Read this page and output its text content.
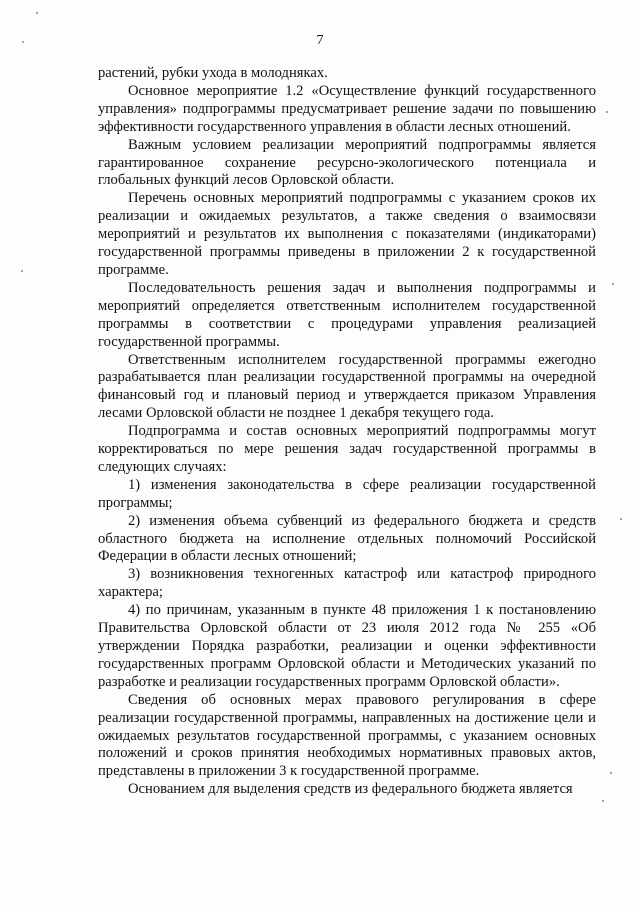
7

растений, рубки ухода в молодняках.

Основное мероприятие 1.2 «Осуществление функций государственного управления» подпрограммы предусматривает решение задачи по повышению эффективности государственного управления в области лесных отношений.

Важным условием реализации мероприятий подпрограммы является гарантированное сохранение ресурсно-экологического потенциала и глобальных функций лесов Орловской области.

Перечень основных мероприятий подпрограммы с указанием сроков их реализации и ожидаемых результатов, а также сведения о взаимосвязи мероприятий и результатов их выполнения с показателями (индикаторами) государственной программы приведены в приложении 2 к государственной программе.

Последовательность решения задач и выполнения подпрограммы и мероприятий определяется ответственным исполнителем государственной программы в соответствии с процедурами управления реализацией государственной программы.

Ответственным исполнителем государственной программы ежегодно разрабатывается план реализации государственной программы на очередной финансовый год и плановый период и утверждается приказом Управления лесами Орловской области не позднее 1 декабря текущего года.

Подпрограмма и состав основных мероприятий подпрограммы могут корректироваться по мере решения задач государственной программы в следующих случаях:

1) изменения законодательства в сфере реализации государственной программы;

2) изменения объема субвенций из федерального бюджета и средств областного бюджета на исполнение отдельных полномочий Российской Федерации в области лесных отношений;

3) возникновения техногенных катастроф или катастроф природного характера;

4) по причинам, указанным в пункте 48 приложения 1 к постановлению Правительства Орловской области от 23 июля 2012 года № 255 «Об утверждении Порядка разработки, реализации и оценки эффективности государственных программ Орловской области и Методических указаний по разработке и реализации государственных программ Орловской области».

Сведения об основных мерах правового регулирования в сфере реализации государственной программы, направленных на достижение цели и ожидаемых результатов государственной программы, с указанием основных положений и сроков принятия необходимых нормативных правовых актов, представлены в приложении 3 к государственной программе.

Основанием для выделения средств из федерального бюджета является
